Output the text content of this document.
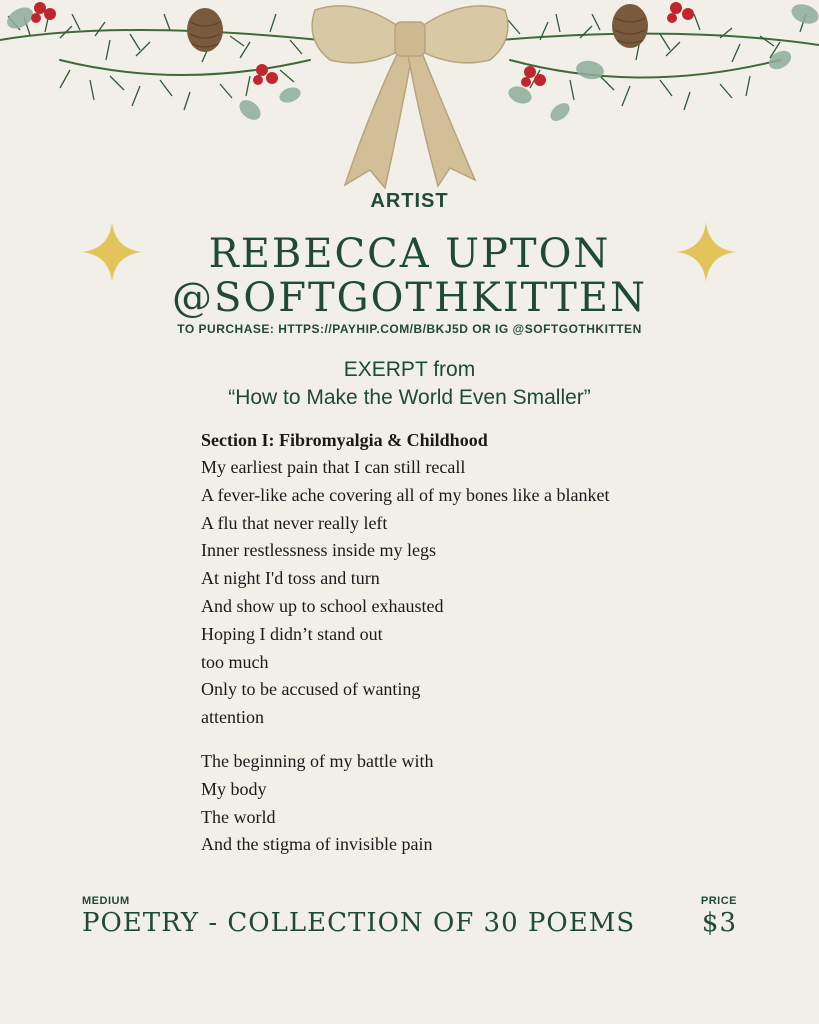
ARTIST
REBECCA UPTON
@SOFTGOTHKITTEN
TO PURCHASE: HTTPS://PAYHIP.COM/B/BKJ5D OR IG @SOFTGOTHKITTEN
EXERPT from
“How to Make the World Even Smaller”
Section I: Fibromyalgia & Childhood
My earliest pain that I can still recall
A fever-like ache covering all of my bones like a blanket
A flu that never really left
Inner restlessness inside my legs
At night I'd toss and turn
And show up to school exhausted
Hoping I didn’t stand out
too much
Only to be accused of wanting
attention
The beginning of my battle with
My body
The world
And the stigma of invisible pain
MEDIUM
POETRY - COLLECTION OF 30 POEMS
PRICE
$3
